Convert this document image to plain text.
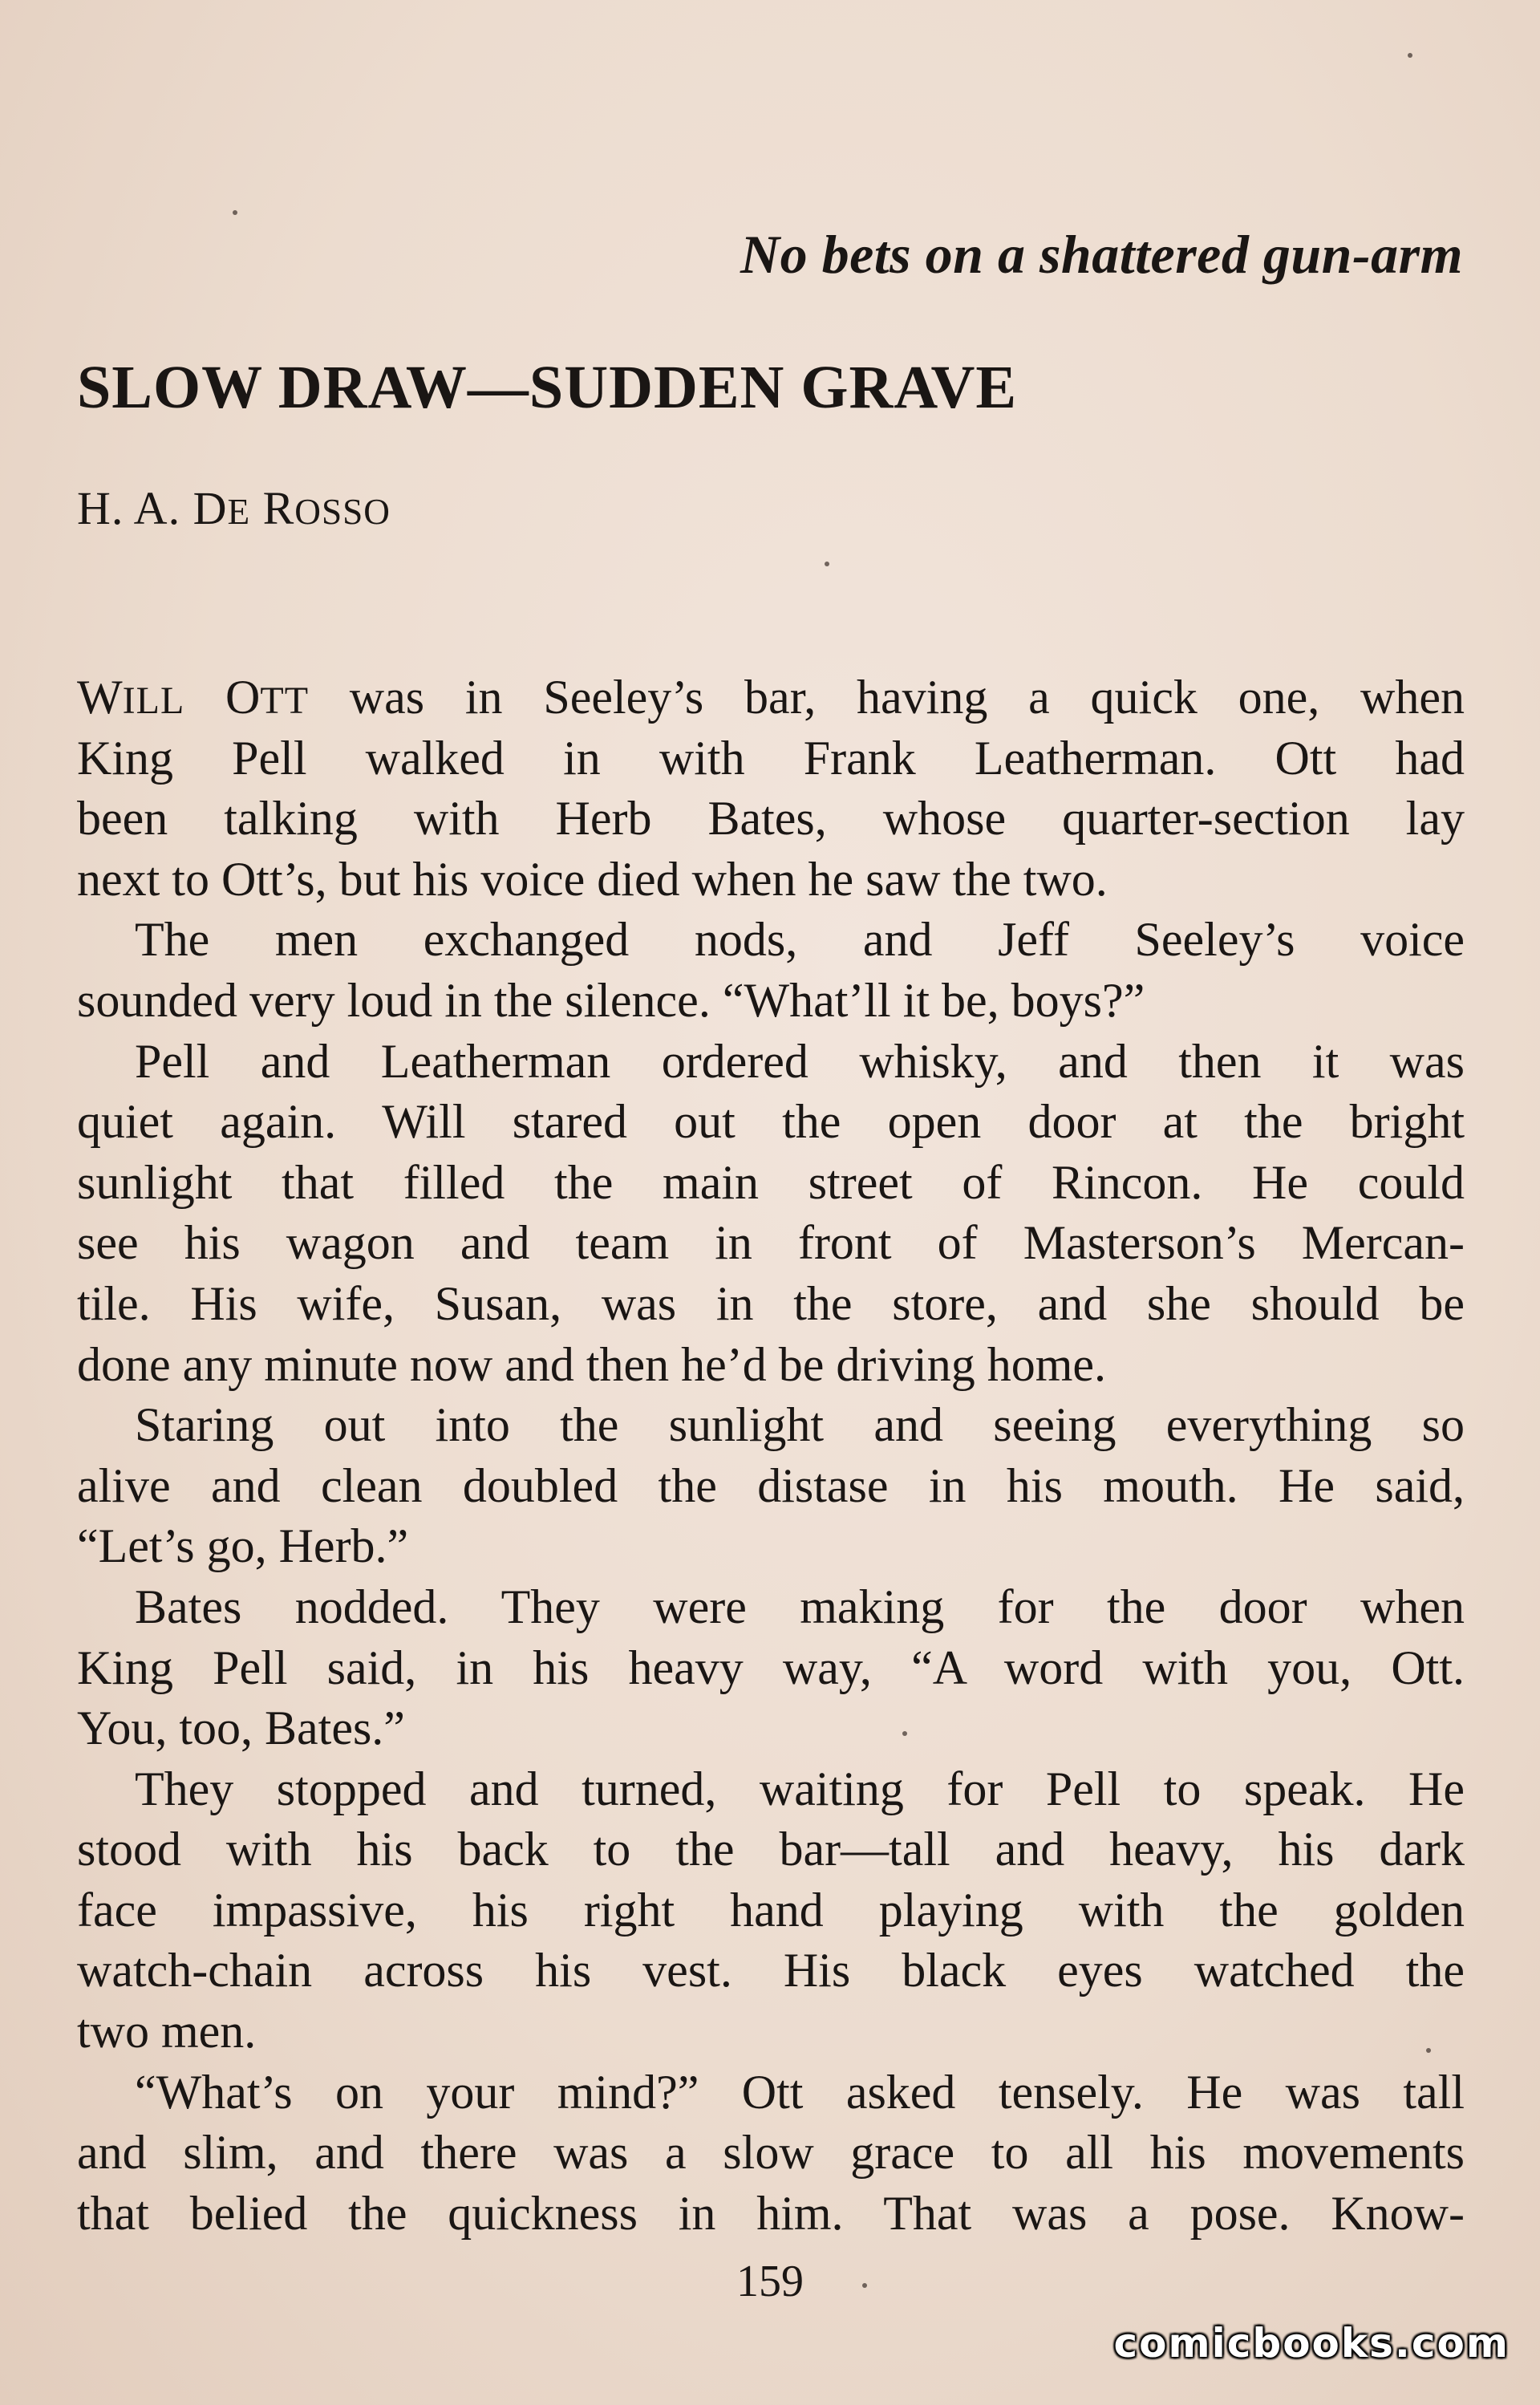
No bets on a shattered gun-arm
SLOW DRAW—SUDDEN GRAVE
H. A. DE ROSSO
WILL OTT was in Seeley’s bar, having a quick one, when
King Pell walked in with Frank Leatherman. Ott had
been talking with Herb Bates, whose quarter-section lay
next to Ott’s, but his voice died when he saw the two.
The men exchanged nods, and Jeff Seeley’s voice
sounded very loud in the silence. “What’ll it be, boys?”
Pell and Leatherman ordered whisky, and then it was
quiet again. Will stared out the open door at the bright
sunlight that filled the main street of Rincon. He could
see his wagon and team in front of Masterson’s Mercan-
tile. His wife, Susan, was in the store, and she should be
done any minute now and then he’d be driving home.
Staring out into the sunlight and seeing everything so
alive and clean doubled the distase in his mouth. He said,
“Let’s go, Herb.”
Bates nodded. They were making for the door when
King Pell said, in his heavy way, “A word with you, Ott.
You, too, Bates.”
They stopped and turned, waiting for Pell to speak. He
stood with his back to the bar—tall and heavy, his dark
face impassive, his right hand playing with the golden
watch-chain across his vest. His black eyes watched the
two men.
“What’s on your mind?” Ott asked tensely. He was tall
and slim, and there was a slow grace to all his movements
that belied the quickness in him. That was a pose. Know-
159
comicbooks.com
